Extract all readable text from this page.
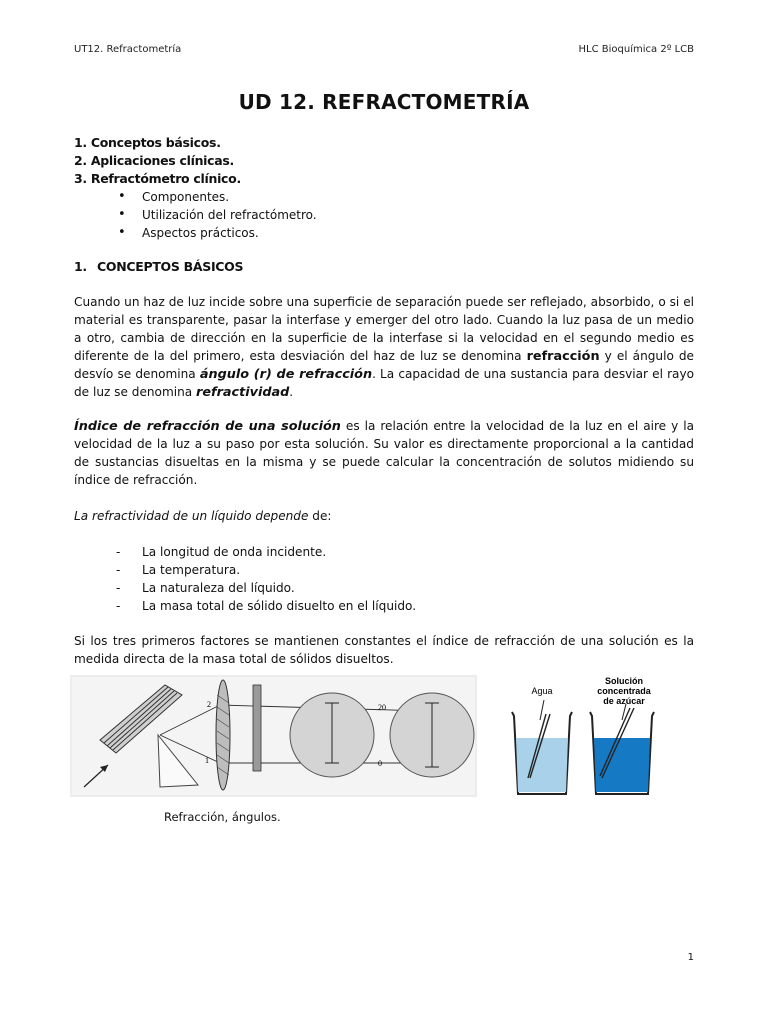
UT12. Refractometría	HLC Bioquímica 2º LCB
UD 12. REFRACTOMETRÍA
1. Conceptos básicos.
2. Aplicaciones clínicas.
3. Refractómetro clínico.
• Componentes.
• Utilización del refractómetro.
• Aspectos prácticos.
1. CONCEPTOS BÁSICOS
Cuando un haz de luz incide sobre una superficie de separación puede ser reflejado, absorbido, o si el material es transparente, pasar la interfase y emerger del otro lado. Cuando la luz pasa de un medio a otro, cambia de dirección en la superficie de la interfase si la velocidad en el segundo medio es diferente de la del primero, esta desviación del haz de luz se denomina refracción y el ángulo de desvío se denomina ángulo (r) de refracción. La capacidad de una sustancia para desviar el rayo de luz se denomina refractividad.
Índice de refracción de una solución es la relación entre la velocidad de la luz en el aire y la velocidad de la luz a su paso por esta solución. Su valor es directamente proporcional a la cantidad de sustancias disueltas en la misma y se puede calcular la concentración de solutos midiendo su índice de refracción.
La refractividad de un líquido depende de:
- La longitud de onda incidente.
- La temperatura.
- La naturaleza del líquido.
- La masa total de sólido disuelto en el líquido.
Si los tres primeros factores se mantienen constantes el índice de refracción de una solución es la medida directa de la masa total de sólidos disueltos.
2
1
20
0
Agua
Solución
concentrada
de azúcar
Refracción, ángulos.
1
